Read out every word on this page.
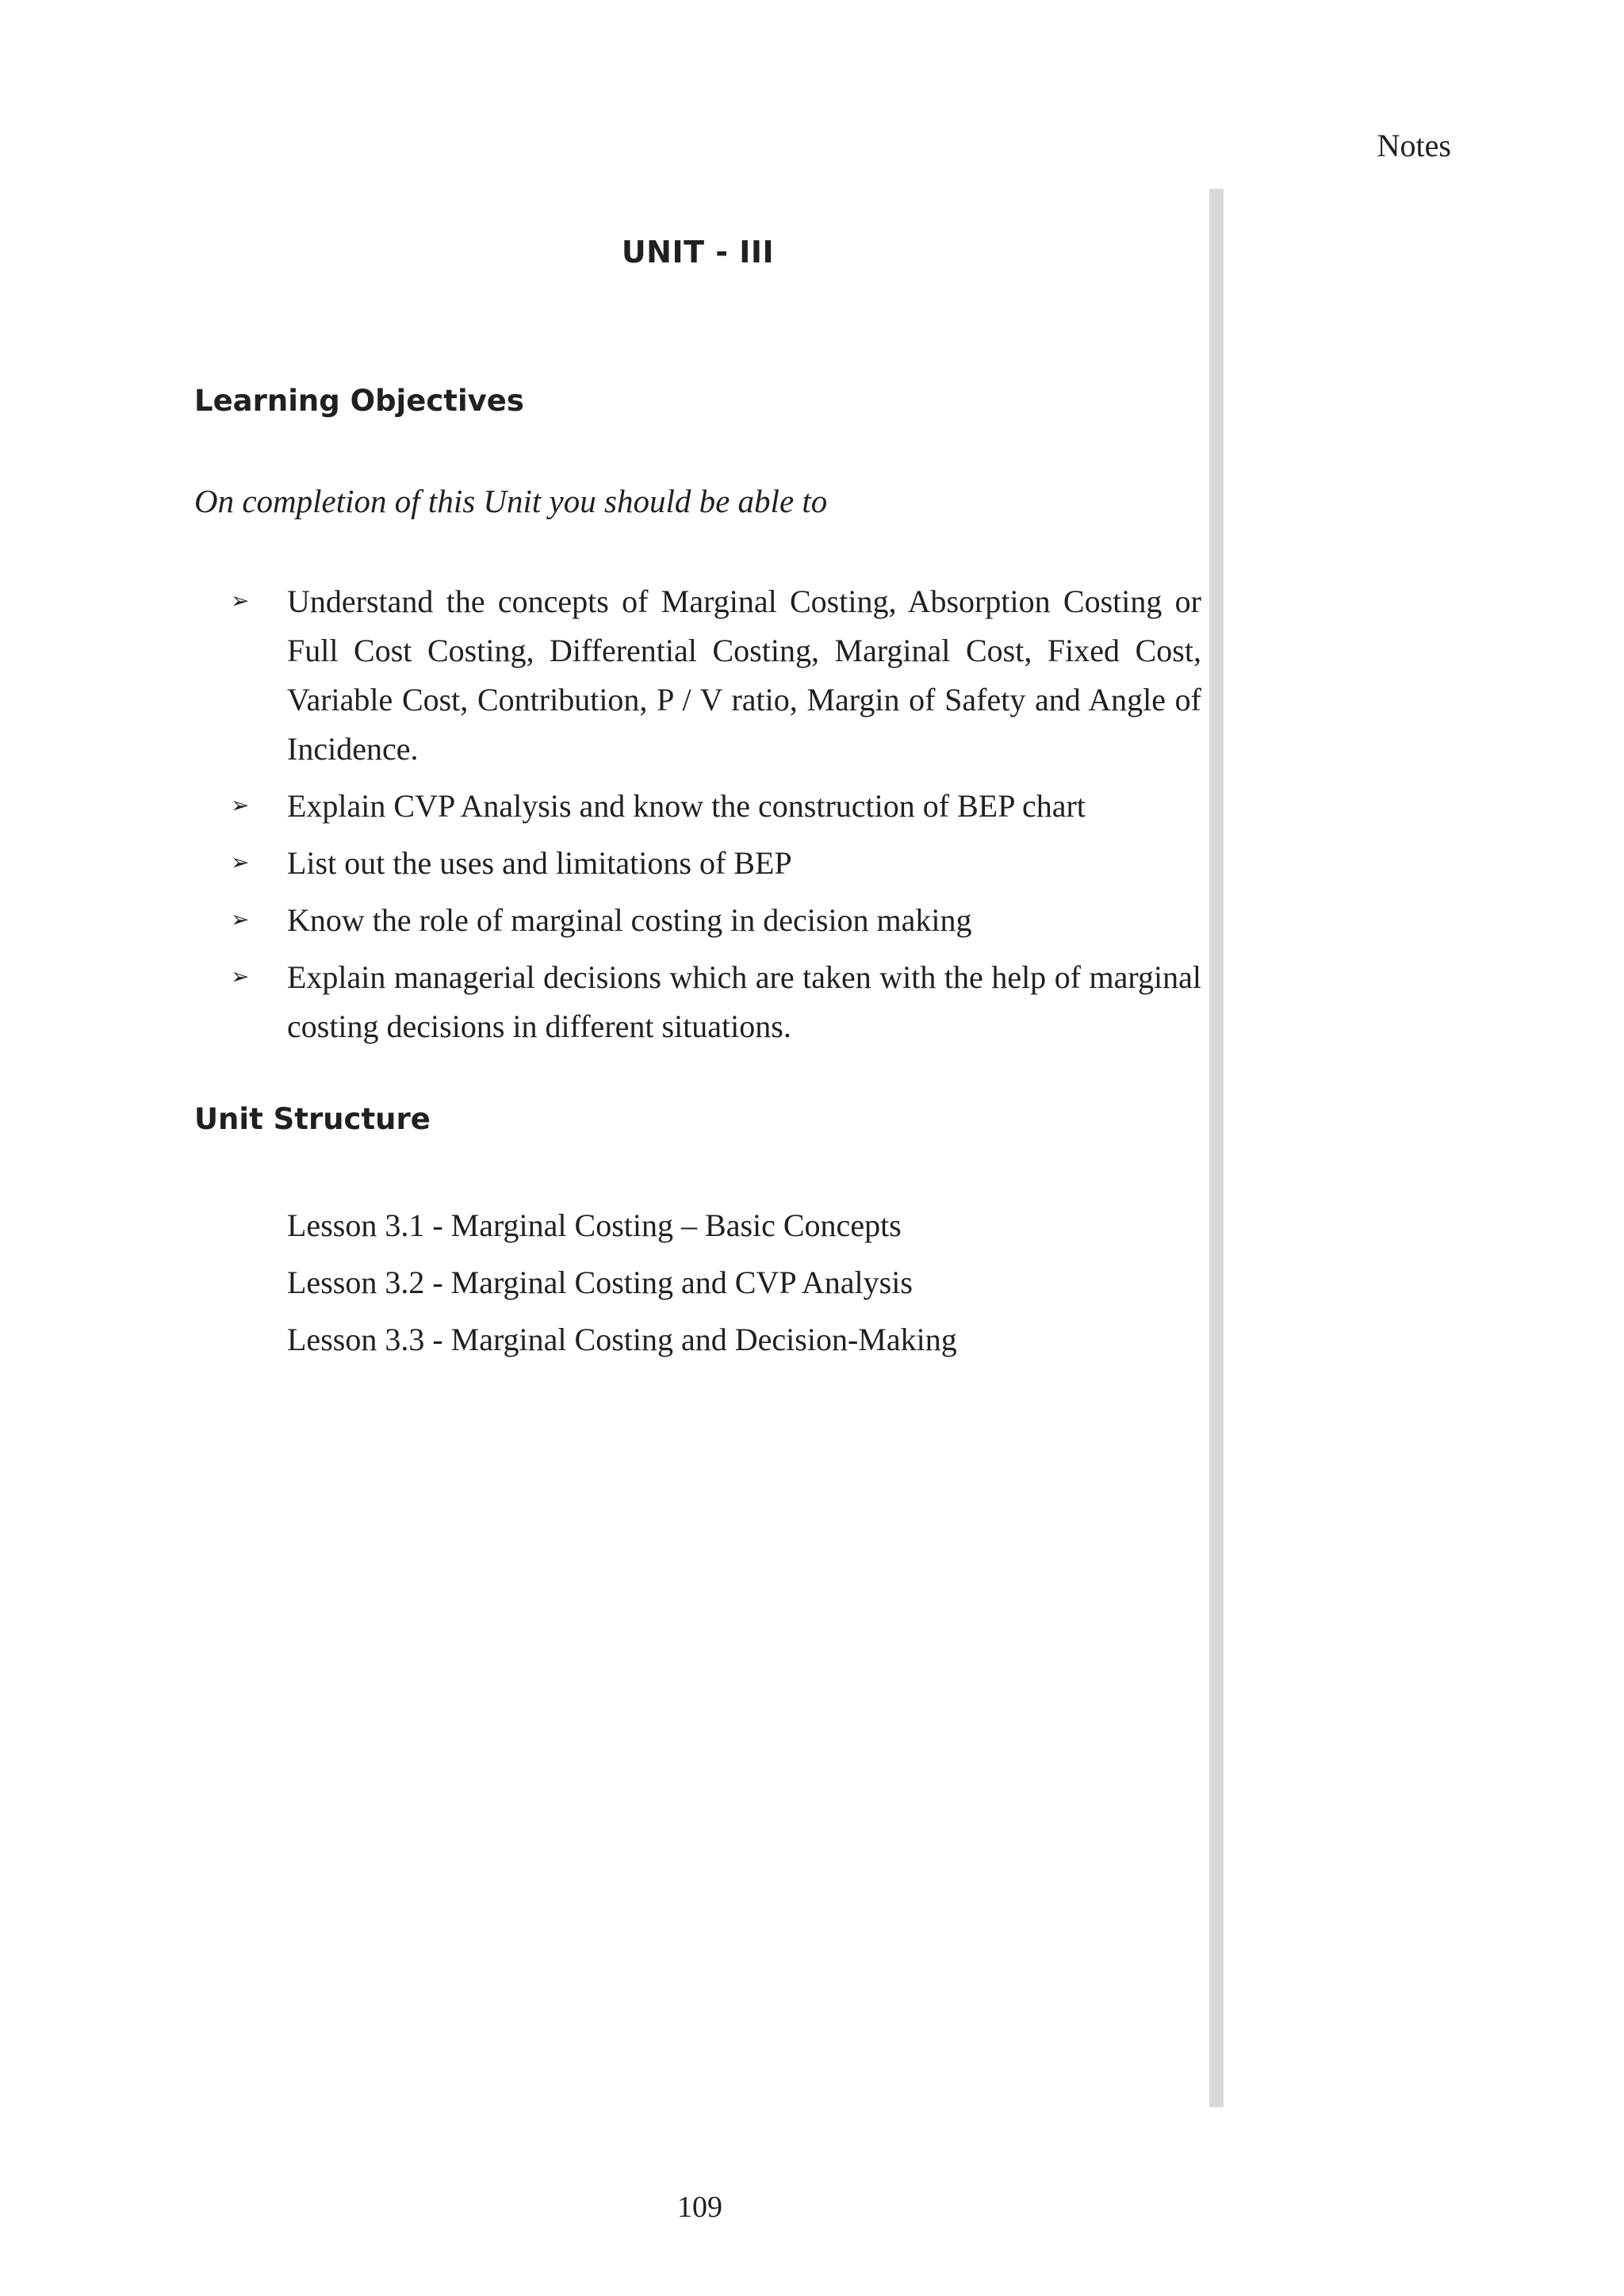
Notes
UNIT - III
Learning Objectives
On completion of this Unit you should be able to
➢ Understand the concepts of Marginal Costing, Absorption Costing or Full Cost Costing, Differential Costing, Marginal Cost, Fixed Cost, Variable Cost, Contribution, P / V ratio, Margin of Safety and Angle of Incidence.
➢ Explain CVP Analysis and know the construction of BEP chart
➢ List out the uses and limitations of BEP
➢ Know the role of marginal costing in decision making
➢ Explain managerial decisions which are taken with the help of marginal costing decisions in different situations.
Unit Structure
Lesson 3.1 - Marginal Costing – Basic Concepts
Lesson 3.2 - Marginal Costing and CVP Analysis
Lesson 3.3 - Marginal Costing and Decision-Making
109
